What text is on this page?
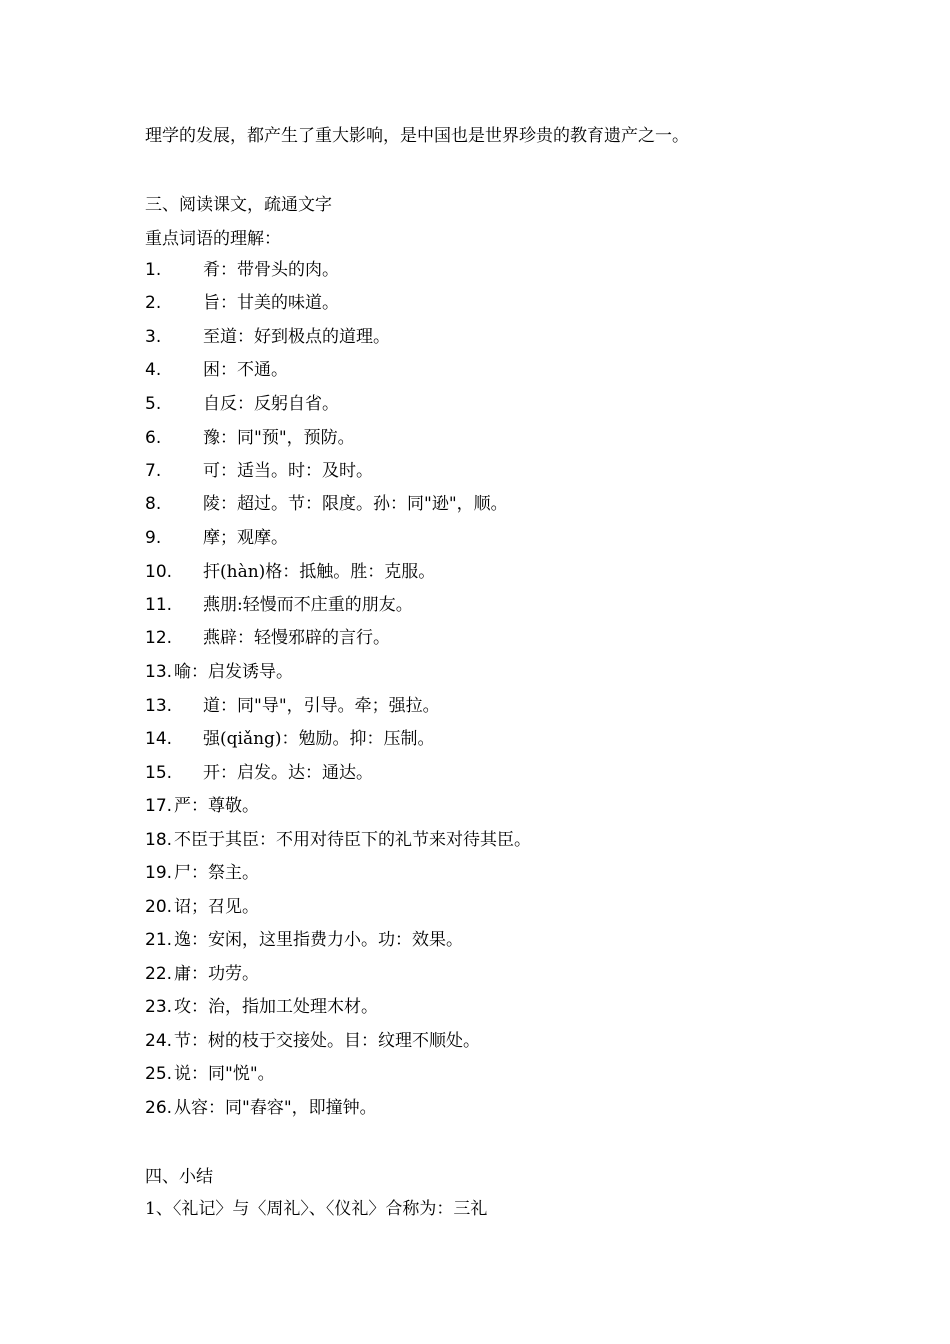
理学的发展，都产生了重大影响，是中国也是世界珍贵的教育遗产之一。
三、阅读课文，疏通文字
重点词语的理解：
1. 肴：带骨头的肉。
2. 旨：甘美的味道。
3. 至道：好到极点的道理。
4. 困：不通。
5. 自反：反躬自省。
6. 豫：同"预"，预防。
7. 可：适当。时：及时。
8. 陵：超过。节：限度。孙：同"逊"，顺。
9. 摩；观摩。
10. 扞(hàn)格：抵触。胜：克服。
11. 燕朋:轻慢而不庄重的朋友。
12. 燕辟：轻慢邪辟的言行。
13. 喻：启发诱导。
13. 道：同"导"，引导。牵；强拉。
14. 强(qiǎng)：勉励。抑：压制。
15. 开：启发。达：通达。
17. 严：尊敬。
18. 不臣于其臣：不用对待臣下的礼节来对待其臣。
19. 尸：祭主。
20. 诏；召见。
21. 逸：安闲，这里指费力小。功：效果。
22. 庸：功劳。
23. 攻：治，指加工处理木材。
24. 节：树的枝于交接处。目：纹理不顺处。
25. 说：同"悦"。
26. 从容：同"舂容"，即撞钟。
四、小结
1、〈礼记〉与〈周礼〉、〈仪礼〉合称为：三礼
